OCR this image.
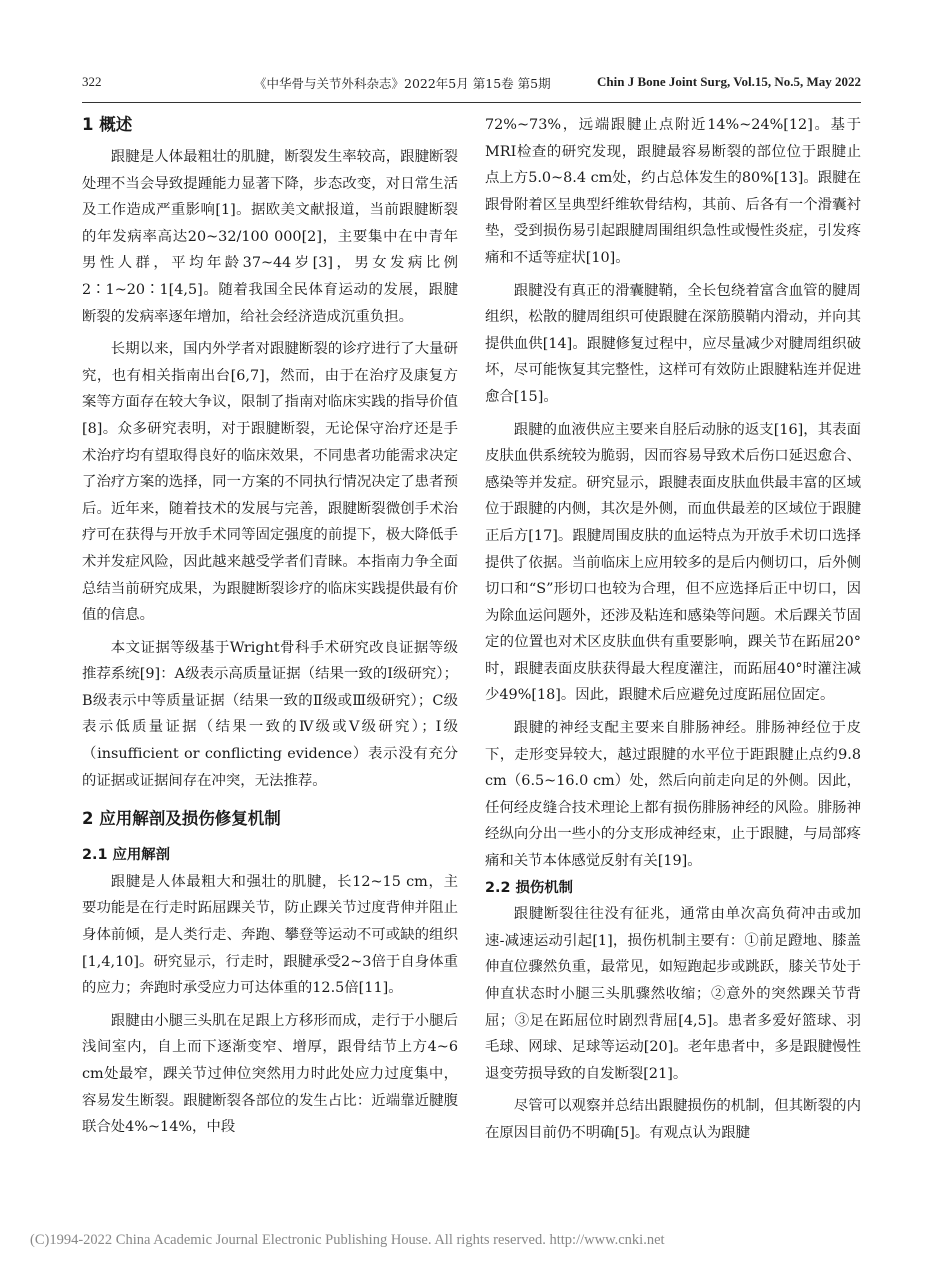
322	《中华骨与关节外科杂志》2022年5月 第15卷 第5期	Chin J Bone Joint Surg, Vol.15, No.5, May 2022
1 概述

跟腱是人体最粗壮的肌腱，断裂发生率较高，跟腱断裂处理不当会导致提踵能力显著下降，步态改变，对日常生活及工作造成严重影响[1]。据欧美文献报道，当前跟腱断裂的年发病率高达20~32/100 000[2]，主要集中在中青年男性人群，平均年龄37~44岁[3]，男女发病比例2∶1~20∶1[4,5]。随着我国全民体育运动的发展，跟腱断裂的发病率逐年增加，给社会经济造成沉重负担。

长期以来，国内外学者对跟腱断裂的诊疗进行了大量研究，也有相关指南出台[6,7]，然而，由于在治疗及康复方案等方面存在较大争议，限制了指南对临床实践的指导价值[8]。众多研究表明，对于跟腱断裂，无论保守治疗还是手术治疗均有望取得良好的临床效果，不同患者功能需求决定了治疗方案的选择，同一方案的不同执行情况决定了患者预后。近年来，随着技术的发展与完善，跟腱断裂微创手术治疗可在获得与开放手术同等固定强度的前提下，极大降低手术并发症风险，因此越来越受学者们青睐。本指南力争全面总结当前研究成果，为跟腱断裂诊疗的临床实践提供最有价值的信息。

本文证据等级基于Wright骨科手术研究改良证据等级推荐系统[9]：A级表示高质量证据（结果一致的Ⅰ级研究）；B级表示中等质量证据（结果一致的Ⅱ级或Ⅲ级研究）；C级表示低质量证据（结果一致的Ⅳ级或Ⅴ级研究）；I级（insufficient or conflicting evidence）表示没有充分的证据或证据间存在冲突，无法推荐。

2 应用解剖及损伤修复机制
2.1 应用解剖

跟腱是人体最粗大和强壮的肌腱，长12~15 cm，主要功能是在行走时跖屈踝关节，防止踝关节过度背伸并阻止身体前倾，是人类行走、奔跑、攀登等运动不可或缺的组织[1,4,10]。研究显示，行走时，跟腱承受2~3倍于自身体重的应力；奔跑时承受应力可达体重的12.5倍[11]。

跟腱由小腿三头肌在足跟上方移形而成，走行于小腿后浅间室内，自上而下逐渐变窄、增厚，跟骨结节上方4~6 cm处最窄，踝关节过伸位突然用力时此处应力过度集中，容易发生断裂。跟腱断裂各部位的发生占比：近端靠近腱腹联合处4%~14%，中段

72%~73%，远端跟腱止点附近14%~24%[12]。基于MRI检查的研究发现，跟腱最容易断裂的部位位于跟腱止点上方5.0~8.4 cm处，约占总体发生的80%[13]。跟腱在跟骨附着区呈典型纤维软骨结构，其前、后各有一个滑囊衬垫，受到损伤易引起跟腱周围组织急性或慢性炎症，引发疼痛和不适等症状[10]。

跟腱没有真正的滑囊腱鞘，全长包绕着富含血管的腱周组织，松散的腱周组织可使跟腱在深筋膜鞘内滑动，并向其提供血供[14]。跟腱修复过程中，应尽量减少对腱周组织破坏，尽可能恢复其完整性，这样可有效防止跟腱粘连并促进愈合[15]。

跟腱的血液供应主要来自胫后动脉的返支[16]，其表面皮肤血供系统较为脆弱，因而容易导致术后伤口延迟愈合、感染等并发症。研究显示，跟腱表面皮肤血供最丰富的区域位于跟腱的内侧，其次是外侧，而血供最差的区域位于跟腱正后方[17]。跟腱周围皮肤的血运特点为开放手术切口选择提供了依据。当前临床上应用较多的是后内侧切口，后外侧切口和“S”形切口也较为合理，但不应选择后正中切口，因为除血运问题外，还涉及粘连和感染等问题。术后踝关节固定的位置也对术区皮肤血供有重要影响，踝关节在跖屈20°时，跟腱表面皮肤获得最大程度灌注，而跖屈40°时灌注减少49%[18]。因此，跟腱术后应避免过度跖屈位固定。

跟腱的神经支配主要来自腓肠神经。腓肠神经位于皮下，走形变异较大，越过跟腱的水平位于距跟腱止点约9.8 cm（6.5~16.0 cm）处，然后向前走向足的外侧。因此，任何经皮缝合技术理论上都有损伤腓肠神经的风险。腓肠神经纵向分出一些小的分支形成神经束，止于跟腱，与局部疼痛和关节本体感觉反射有关[19]。

2.2 损伤机制

跟腱断裂往往没有征兆，通常由单次高负荷冲击或加速-减速运动引起[1]，损伤机制主要有：①前足蹬地、膝盖伸直位骤然负重，最常见，如短跑起步或跳跃，膝关节处于伸直状态时小腿三头肌骤然收缩；②意外的突然踝关节背屈；③足在跖屈位时剧烈背屈[4,5]。患者多爱好篮球、羽毛球、网球、足球等运动[20]。老年患者中，多是跟腱慢性退变劳损导致的自发断裂[21]。

尽管可以观察并总结出跟腱损伤的机制，但其断裂的内在原因目前仍不明确[5]。有观点认为跟腱

(C)1994-2022 China Academic Journal Electronic Publishing House. All rights reserved. http://www.cnki.net
